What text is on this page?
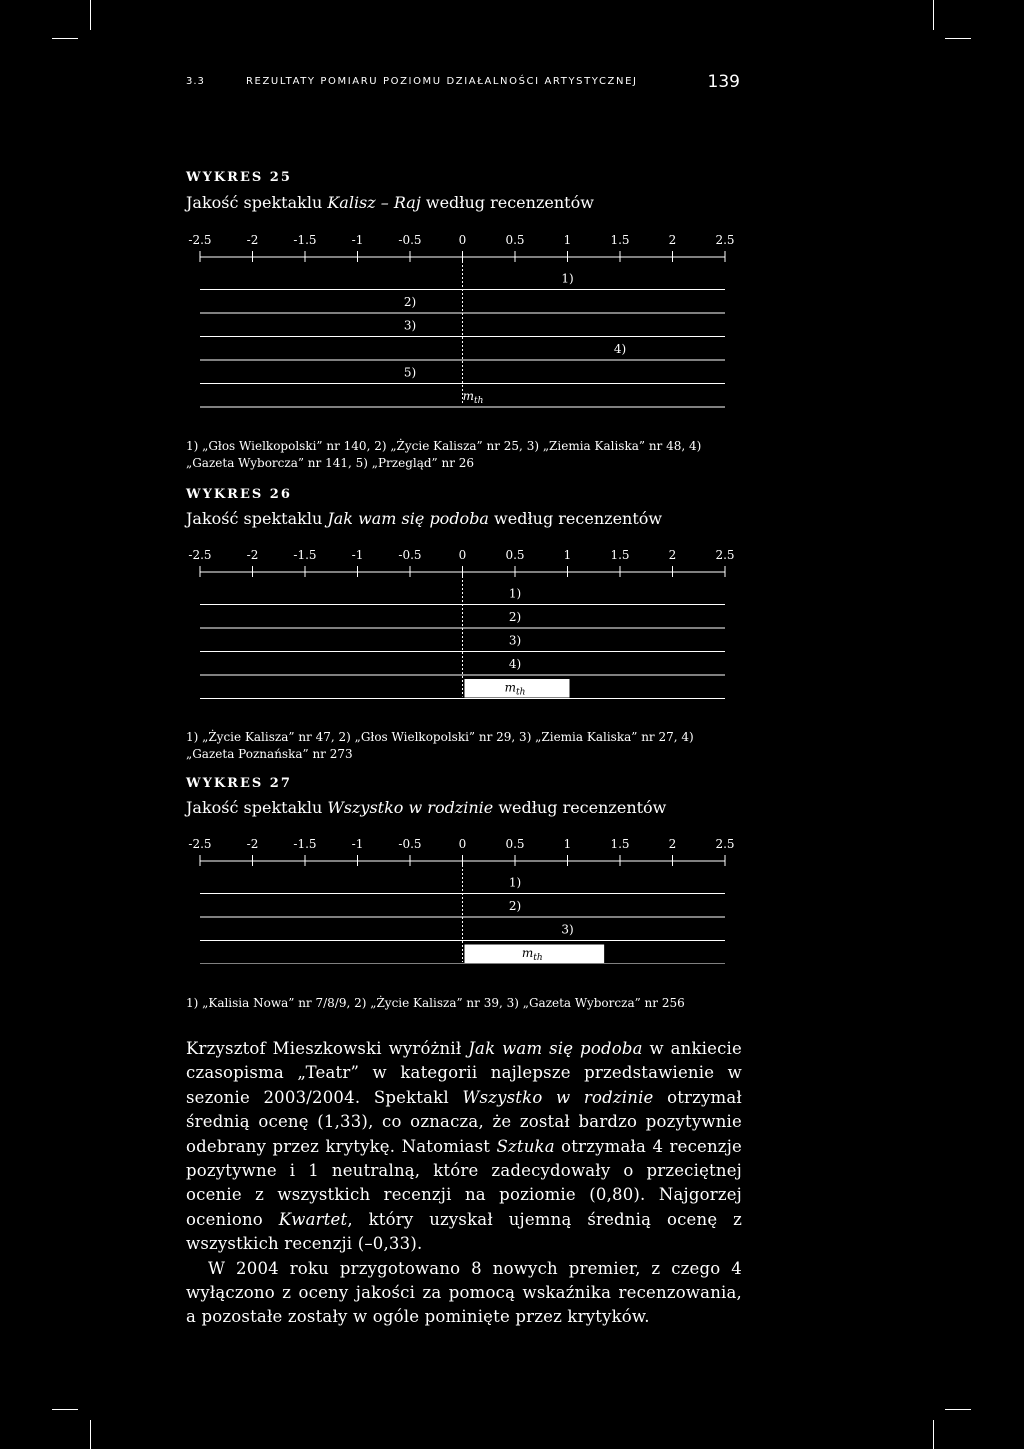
3.3	REZULTATY POMIARU POZIOMU DZIAŁALNOŚCI ARTYSTYCZNEJ	139
WYKRES 25
Jakość spektaklu Kalisz – Raj według recenzentów
-2.5	-2	-1.5	-1	-0.5	0	0.5	1	1.5	2	2.5
1)
2)
3)
4)
5)
$m_{th}$
1) „Głos Wielkopolski” nr 140, 2) „Życie Kalisza” nr 25, 3) „Ziemia Kaliska” nr 48, 4) „Gazeta Wyborcza” nr 141, 5) „Przegląd” nr 26
WYKRES 26
Jakość spektaklu Jak wam się podoba według recenzentów
-2.5	-2	-1.5	-1	-0.5	0	0.5	1	1.5	2	2.5
1)
2)
3)
4)
$m_{th}$
1) „Życie Kalisza” nr 47, 2) „Głos Wielkopolski” nr 29, 3) „Ziemia Kaliska” nr 27, 4) „Gazeta Poznańska” nr 273
WYKRES 27
Jakość spektaklu Wszystko w rodzinie według recenzentów
-2.5	-2	-1.5	-1	-0.5	0	0.5	1	1.5	2	2.5
1)
2)
3)
$m_{th}$
1) „Kalisia Nowa” nr 7/8/9, 2) „Życie Kalisza” nr 39, 3) „Gazeta Wyborcza” nr 256

Krzysztof Mieszkowski wyróżnił Jak wam się podoba w ankiecie czasopisma „Teatr” w kategorii najlepsze przedstawienie w sezonie 2003/2004. Spektakl Wszystko w rodzinie otrzymał średnią ocenę (1,33), co oznacza, że został bardzo pozytywnie odebrany przez krytykę. Natomiast Sztuka otrzymała 4 recenzje pozytywne i 1 neutralną, które zadecydowały o przeciętnej ocenie z wszystkich recenzji na poziomie (0,80). Najgorzej oceniono Kwartet, który uzyskał ujemną średnią ocenę z wszystkich recenzji (–0,33).

W 2004 roku przygotowano 8 nowych premier, z czego 4 wyłączono z oceny jakości za pomocą wskaźnika recenzowania, a pozostałe zostały w ogóle pominięte przez krytyków.
